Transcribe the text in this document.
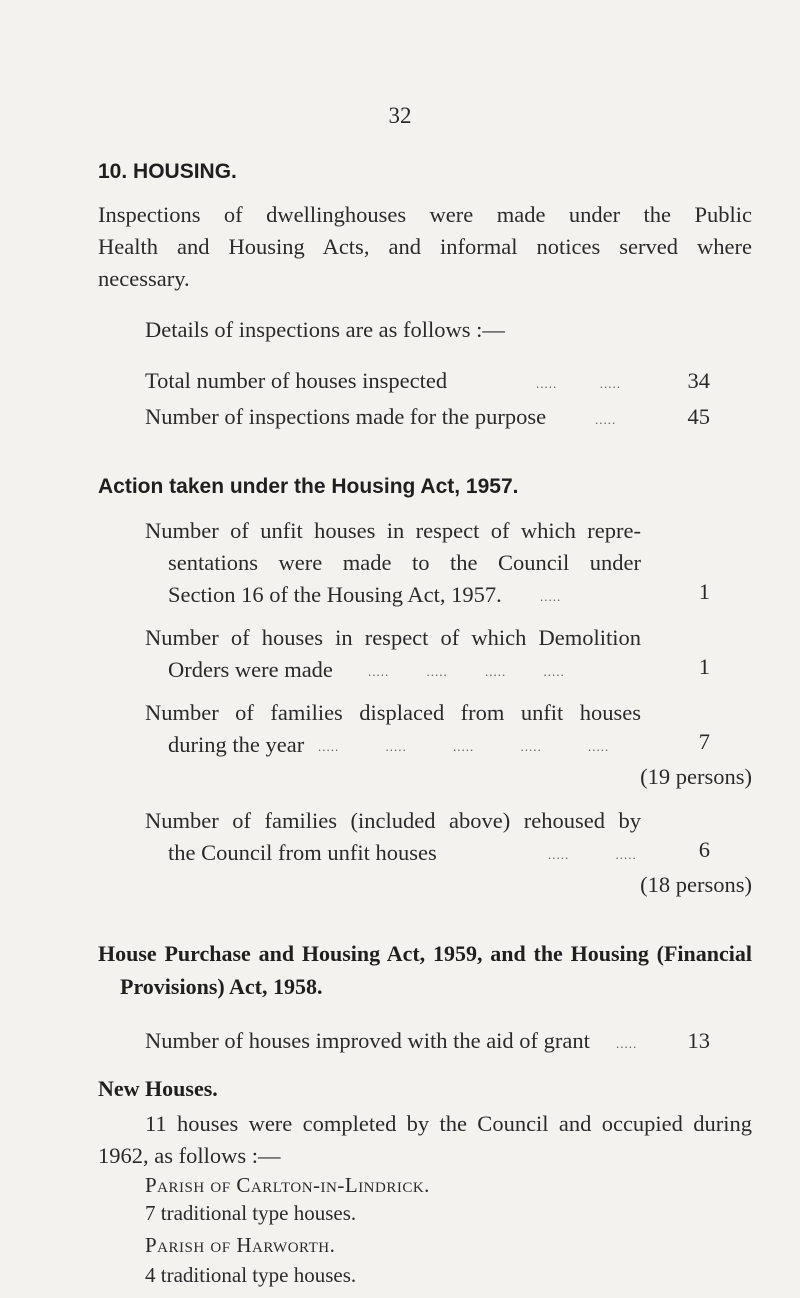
32
10. HOUSING.
Inspections of dwellinghouses were made under the Public
Health and Housing Acts, and informal notices served where
necessary.
Details of inspections are as follows :—
Total number of houses inspected	.....          .....	34
Number of inspections made for the purpose	.....	45
Action taken under the Housing Act, 1957.
Number of unfit houses in respect of which repre-
sentations were made to the Council under
Section 16 of the Housing Act, 1957.	.....	1
Number of houses in respect of which Demolition
Orders were made	..... ..... ..... .....	1
Number of families displaced from unfit houses
during the year ..... ..... ..... ..... .....	7
(19 persons)
Number of families (included above) rehoused by
the Council from unfit houses	..... .....	6
(18 persons)
House Purchase and Housing Act, 1959, and the Housing (Financial
Provisions) Act, 1958.
Number of houses improved with the aid of grant .....	13
New Houses.
11 houses were completed by the Council and occupied during
1962, as follows :—
Parish of Carlton-in-Lindrick.
7 traditional type houses.
Parish of Harworth.
4 traditional type houses.
